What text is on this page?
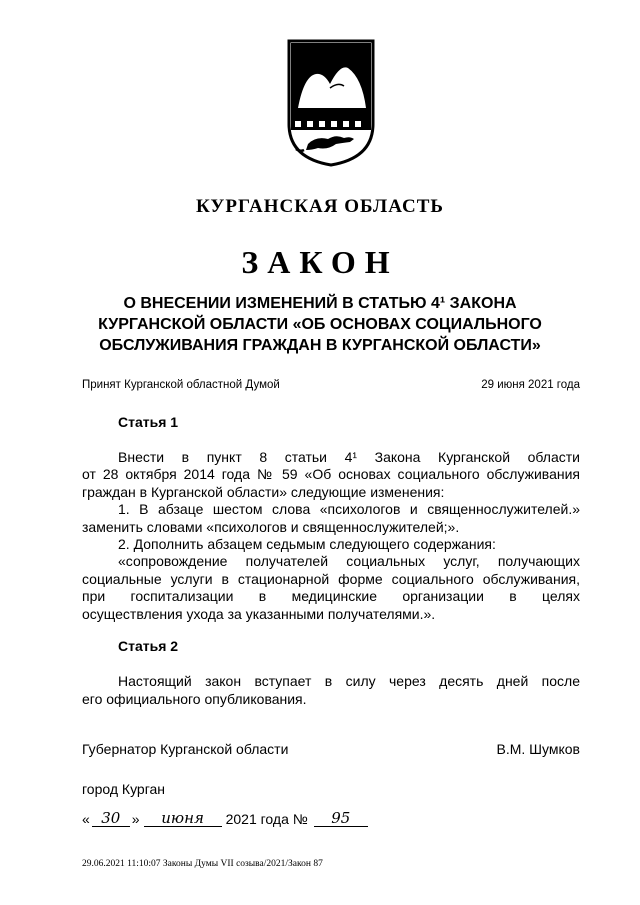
КУРГАНСКАЯ ОБЛАСТЬ
ЗАКОН
О ВНЕСЕНИИ ИЗМЕНЕНИЙ В СТАТЬЮ 4¹ ЗАКОНА
КУРГАНСКОЙ ОБЛАСТИ «ОБ ОСНОВАХ СОЦИАЛЬНОГО
ОБСЛУЖИВАНИЯ ГРАЖДАН В КУРГАНСКОЙ ОБЛАСТИ»
Принят Курганской областной Думой	29 июня 2021 года
Статья 1

Внести в пункт 8 статьи 4¹ Закона Курганской области

от 28 октября 2014 года № 59 «Об основах социального обслуживания

граждан в Курганской области» следующие изменения:

1. В абзаце шестом слова «психологов и священнослужителей.»

заменить словами «психологов и священнослужителей;».

2. Дополнить абзацем седьмым следующего содержания:

«сопровождение получателей социальных услуг, получающих

социальные услуги в стационарной форме социального обслуживания,

при госпитализации в медицинские организации в целях

осуществления ухода за указанными получателями.».

Статья 2

Настоящий закон вступает в силу через десять дней после

его официального опубликования.

Губернатор Курганской области	В.М. Шумков
город Курган
« 30 »	июня	2021 года №	95
29.06.2021 11:10:07 Законы Думы VII созыва/2021/Закон 87
